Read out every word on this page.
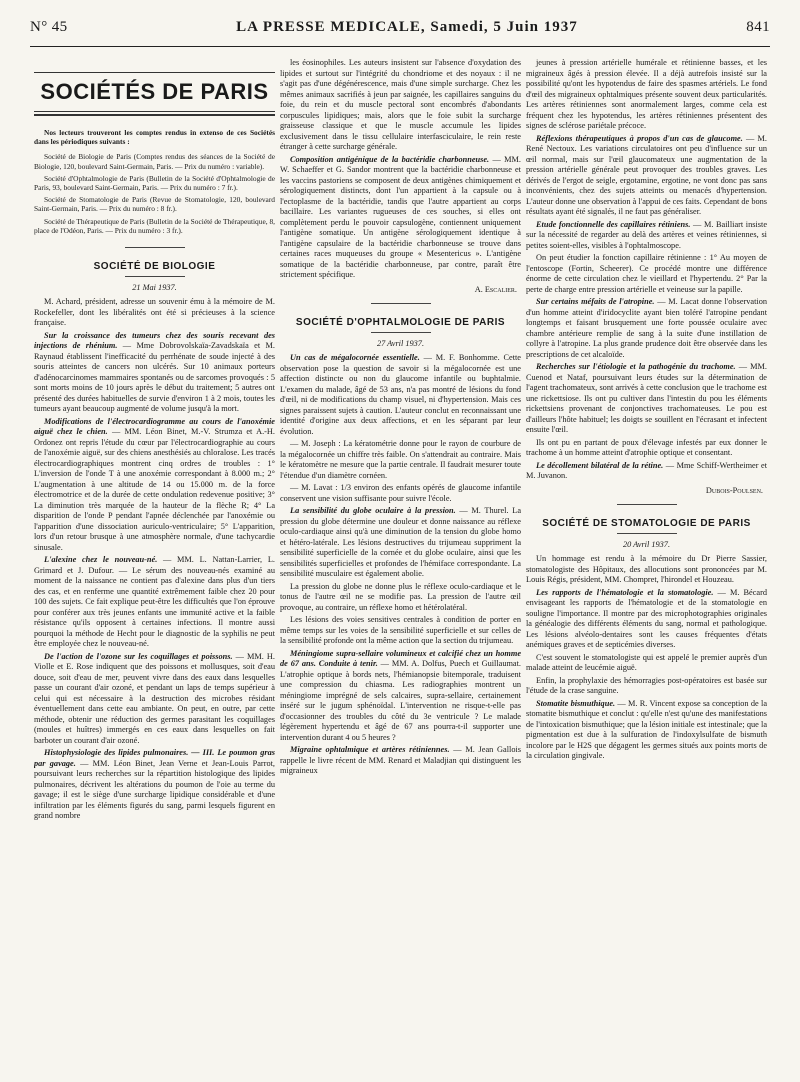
N° 45	LA PRESSE MEDICALE, Samedi, 5 Juin 1937	841
SOCIÉTÉS DE PARIS

Nos lecteurs trouveront les comptes rendus in extenso de ces Sociétés dans les périodiques suivants :

Société de Biologie de Paris (Comptes rendus des séances de la Société de Biologie, 120, boulevard Saint-Germain, Paris. — Prix du numéro : variable).

Société d'Ophtalmologie de Paris (Bulletin de la Société d'Ophtalmologie de Paris, 93, boulevard Saint-Germain, Paris. — Prix du numéro : 7 fr.).

Société de Stomatologie de Paris (Revue de Stomatologie, 120, boulevard Saint-Germain, Paris. — Prix du numéro : 8 fr.).

Société de Thérapeutique de Paris (Bulletin de la Société de Thérapeutique, 8, place de l'Odéon, Paris. — Prix du numéro : 3 fr.).

SOCIÉTÉ DE BIOLOGIE
21 Mai 1937.

M. Achard, président, adresse un souvenir ému à la mémoire de M. Rockefeller, dont les libéralités ont été si précieuses à la science française.

Sur la croissance des tumeurs chez des souris recevant des injections de rhénium. — Mme Dobrovolskaïa-Zavadskaïa et M. Raynaud établissent l'inefficacité du perrhénate de soude injecté à des souris atteintes de cancers non ulcérés. Sur 10 animaux porteurs d'adénocarcinomes mammaires spontanés ou de sarcomes provoqués : 5 sont morts moins de 10 jours après le début du traitement; 5 autres ont présenté des durées habituelles de survie d'environ 1 à 2 mois, toutes les tumeurs ayant beaucoup augmenté de volume jusqu'à la mort.

Modifications de l'électrocardiogramme au cours de l'anoxémie aiguë chez le chien. — MM. Léon Binet, M.-V. Strumza et A.-H. Ordonez ont repris l'étude du cœur par l'électrocardiographie au cours de l'anoxémie aiguë, sur des chiens anesthésiés au chloralose. Les tracés électrocardiographiques montrent cinq ordres de troubles : 1° L'inversion de l'onde T à une anoxémie correspondant à 8.000 m.; 2° L'augmentation à une altitude de 14 ou 15.000 m. de la force électromotrice et de la durée de cette ondulation redevenue positive; 3° La diminution très marquée de la hauteur de la flèche R; 4° La disparition de l'onde P pendant l'apnée déclenchée par l'anoxémie ou l'apparition d'une dissociation auriculo-ventriculaire; 5° L'apparition, lors d'un retour brusque à une atmosphère normale, d'une tachycardie sinusale.

L'alexine chez le nouveau-né. — MM. L. Nattan-Larrier, L. Grimard et J. Dufour. — Le sérum des nouveau-nés examiné au moment de la naissance ne contient pas d'alexine dans plus d'un tiers des cas, et en renferme une quantité extrêmement faible chez 20 pour 100 des sujets. Ce fait explique peut-être les difficultés que l'on éprouve pour conférer aux très jeunes enfants une immunité active et la faible résistance qu'ils opposent à certaines infections. Il montre aussi pourquoi la méthode de Hecht pour le diagnostic de la syphilis ne peut être employée chez le nouveau-né.

De l'action de l'ozone sur les coquillages et poissons. — MM. H. Violle et E. Rose indiquent que des poissons et mollusques, soit d'eau douce, soit d'eau de mer, peuvent vivre dans des eaux dans lesquelles passe un courant d'air ozoné, et pendant un laps de temps supérieur à celui qui est nécessaire à la destruction des microbes résidant éventuellement dans cette eau ambiante. On peut, en outre, par cette méthode, obtenir une réduction des germes parasitant les coquillages (moules et huîtres) immergés en ces eaux dans lesquelles on fait barboter un courant d'air ozoné.

Histophysiologie des lipides pulmonaires. — III. Le poumon gras par gavage. — MM. Léon Binet, Jean Verne et Jean-Louis Parrot, poursuivant leurs recherches sur la répartition histologique des lipides pulmonaires, décrivent les altérations du poumon de l'oie au terme du gavage; il est le siège d'une surcharge lipidique considérable et d'une infiltration par les éléments figurés du sang, parmi lesquels figurent en grand nombre

les éosinophiles. Les auteurs insistent sur l'absence d'oxydation des lipides et surtout sur l'intégrité du chondriome et des noyaux : il ne s'agit pas d'une dégénérescence, mais d'une simple surcharge. Chez les mêmes animaux sacrifiés à jeun par saignée, les capillaires sanguins du foie, du rein et du muscle pectoral sont encombrés d'abondants corpuscules lipidiques; mais, alors que le foie subit la surcharge graisseuse classique et que le muscle accumule les lipides exclusivement dans le tissu cellulaire interfasciculaire, le rein reste étranger à cette surcharge générale.

Composition antigénique de la bactéridie charbonneuse. — MM. W. Schaeffer et G. Sandor montrent que la bactéridie charbonneuse et les vaccins pastoriens se composent de deux antigènes chimiquement et sérologiquement distincts, dont l'un appartient à la capsule ou à l'ectoplasme de la bactéridie, tandis que l'autre appartient au corps bacillaire. Les variantes rugueuses de ces souches, si elles ont complètement perdu le pouvoir capsulogène, contiennent uniquement l'antigène somatique. Un antigène sérologiquement identique à l'antigène capsulaire de la bactéridie charbonneuse se trouve dans certaines races muqueuses du groupe « Mesentericus ». L'antigène somatique de la bactéridie charbonneuse, par contre, paraît être strictement spécifique.

A. Escalier.

SOCIÉTÉ D'OPHTALMOLOGIE DE PARIS
27 Avril 1937.

Un cas de mégalocornée essentielle. — M. F. Bonhomme. Cette observation pose la question de savoir si la mégalocornée est une affection distincte ou non du glaucome infantile ou buphtalmie. L'examen du malade, âgé de 53 ans, n'a pas montré de lésions du fond d'œil, ni de modifications du champ visuel, ni d'hypertension. Mais ces signes paraissent sujets à caution. L'auteur conclut en reconnaissant une identité d'origine aux deux affections, et en les séparant par leur évolution.

— M. Joseph : La kératométrie donne pour le rayon de courbure de la mégalocornée un chiffre très faible. On s'attendrait au contraire. Mais le kératomètre ne mesure que la partie centrale. Il faudrait mesurer toute l'étendue d'un diamètre cornéen.

— M. Lavat : 1/3 environ des enfants opérés de glaucome infantile conservent une vision suffisante pour suivre l'école.

La sensibilité du globe oculaire à la pression. — M. Thurel. La pression du globe détermine une douleur et donne naissance au réflexe oculo-cardiaque ainsi qu'à une diminution de la tension du globe homo et hétéro-latérale. Les lésions destructives du trijumeau suppriment la sensibilité superficielle de la cornée et du globe oculaire, ainsi que les sensibilités superficielles et profondes de l'hémiface correspondante. La sensibilité musculaire est également abolie.

La pression du globe ne donne plus le réflexe oculo-cardiaque et le tonus de l'autre œil ne se modifie pas. La pression de l'autre œil provoque, au contraire, un réflexe homo et hétérolatéral.

Les lésions des voies sensitives centrales à condition de porter en même temps sur les voies de la sensibilité superficielle et sur celles de la sensibilité profonde ont la même action que la section du trijumeau.

Méningiome supra-sellaire volumineux et calcifié chez un homme de 67 ans. Conduite à tenir. — MM. A. Dolfus, Puech et Guillaumat. L'atrophie optique à bords nets, l'hémianopsie bitemporale, traduisent une compression du chiasma. Les radiographies montrent un méningiome imprégné de sels calcaires, supra-sellaire, certainement inséré sur le jugum sphénoïdal. L'intervention ne risque-t-elle pas d'occasionner des troubles du côté du 3e ventricule ? Le malade légèrement hypertendu et âgé de 67 ans pourra-t-il supporter une intervention durant 4 ou 5 heures ?

Migraine ophtalmique et artères rétiniennes. — M. Jean Gallois rappelle le livre récent de MM. Renard et Maladjian qui distinguent les migraineux

jeunes à pression artérielle humérale et rétinienne basses, et les migraineux âgés à pression élevée. Il a déjà autrefois insisté sur la possibilité qu'ont les hypotendus de faire des spasmes artériels. Le fond d'œil des migraineux ophtalmiques présente souvent deux particularités. Les artères rétiniennes sont anormalement larges, comme cela est fréquent chez les hypotendus, les artères rétiniennes présentent des signes de sclérose pariétale précoce.

Réflexions thérapeutiques à propos d'un cas de glaucome. — M. René Nectoux. Les variations circulatoires ont peu d'influence sur un œil normal, mais sur l'œil glaucomateux une augmentation de la pression artérielle générale peut provoquer des troubles graves. Les dérivés de l'ergot de seigle, ergotamine, ergotine, ne vont donc pas sans inconvénients, chez des sujets atteints ou menacés d'hypertension. L'auteur donne une observation à l'appui de ces faits. Cependant de bons résultats ayant été signalés, il ne faut pas généraliser.

Etude fonctionnelle des capillaires rétiniens. — M. Bailliart insiste sur la nécessité de regarder au delà des artères et veines rétiniennes, si petites soient-elles, visibles à l'ophtalmoscope.

On peut étudier la fonction capillaire rétinienne : 1° Au moyen de l'entoscope (Fortin, Scheerer). Ce procédé montre une différence énorme de cette circulation chez le vieillard et l'hypertendu. 2° Par la perte de charge entre pression artérielle et veineuse sur la papille.

Sur certains méfaits de l'atropine. — M. Lacat donne l'observation d'un homme atteint d'iridocyclite ayant bien toléré l'atropine pendant longtemps et faisant brusquement une forte poussée oculaire avec chambre antérieure remplie de sang à la suite d'une instillation de collyre à l'atropine. La plus grande prudence doit être observée dans les prescriptions de cet alcaloïde.

Recherches sur l'étiologie et la pathogénie du trachome. — MM. Cuenod et Nataf, poursuivant leurs études sur la détermination de l'agent trachomateux, sont arrivés à cette conclusion que le trachome est une rickettsiose. Ils ont pu cultiver dans l'intestin du pou les éléments rickettsiens provenant de conjonctives trachomateuses. Le pou est d'ailleurs l'hôte habituel; les doigts se souillent en l'écrasant et infectent ensuite l'œil.

Ils ont pu en partant de poux d'élevage infestés par eux donner le trachome à un homme atteint d'atrophie optique et consentant.

Le décollement bilatéral de la rétine. — Mme Schiff-Wertheimer et M. Juvanon.

Dubois-Poulsen.

SOCIÉTÉ DE STOMATOLOGIE DE PARIS
20 Avril 1937.

Un hommage est rendu à la mémoire du Dr Pierre Sassier, stomatologiste des Hôpitaux, des allocutions sont prononcées par M. Louis Régis, président, MM. Chompret, l'hirondel et Houzeau.

Les rapports de l'hématologie et la stomatologie. — M. Bécard envisageant les rapports de l'hématologie et de la stomatologie en souligne l'importance. Il montre par des microphotographies originales la généalogie des différents éléments du sang, normal et pathologique. Les lésions alvéolo-dentaires sont les causes fréquentes d'états anémiques graves et de septicémies diverses.

C'est souvent le stomatologiste qui est appelé le premier auprès d'un malade atteint de leucémie aiguë.

Enfin, la prophylaxie des hémorragies post-opératoires est basée sur l'étude de la crase sanguine.

Stomatite bismuthique. — M. R. Vincent expose sa conception de la stomatite bismuthique et conclut : qu'elle n'est qu'une des manifestations de l'intoxication bismuthique; que la lésion initiale est intestinale; que la pigmentation est due à la sulfuration de l'indoxylsulfate de bismuth incolore par le H2S que dégagent les germes situés aux points morts de la circulation gingivale.
